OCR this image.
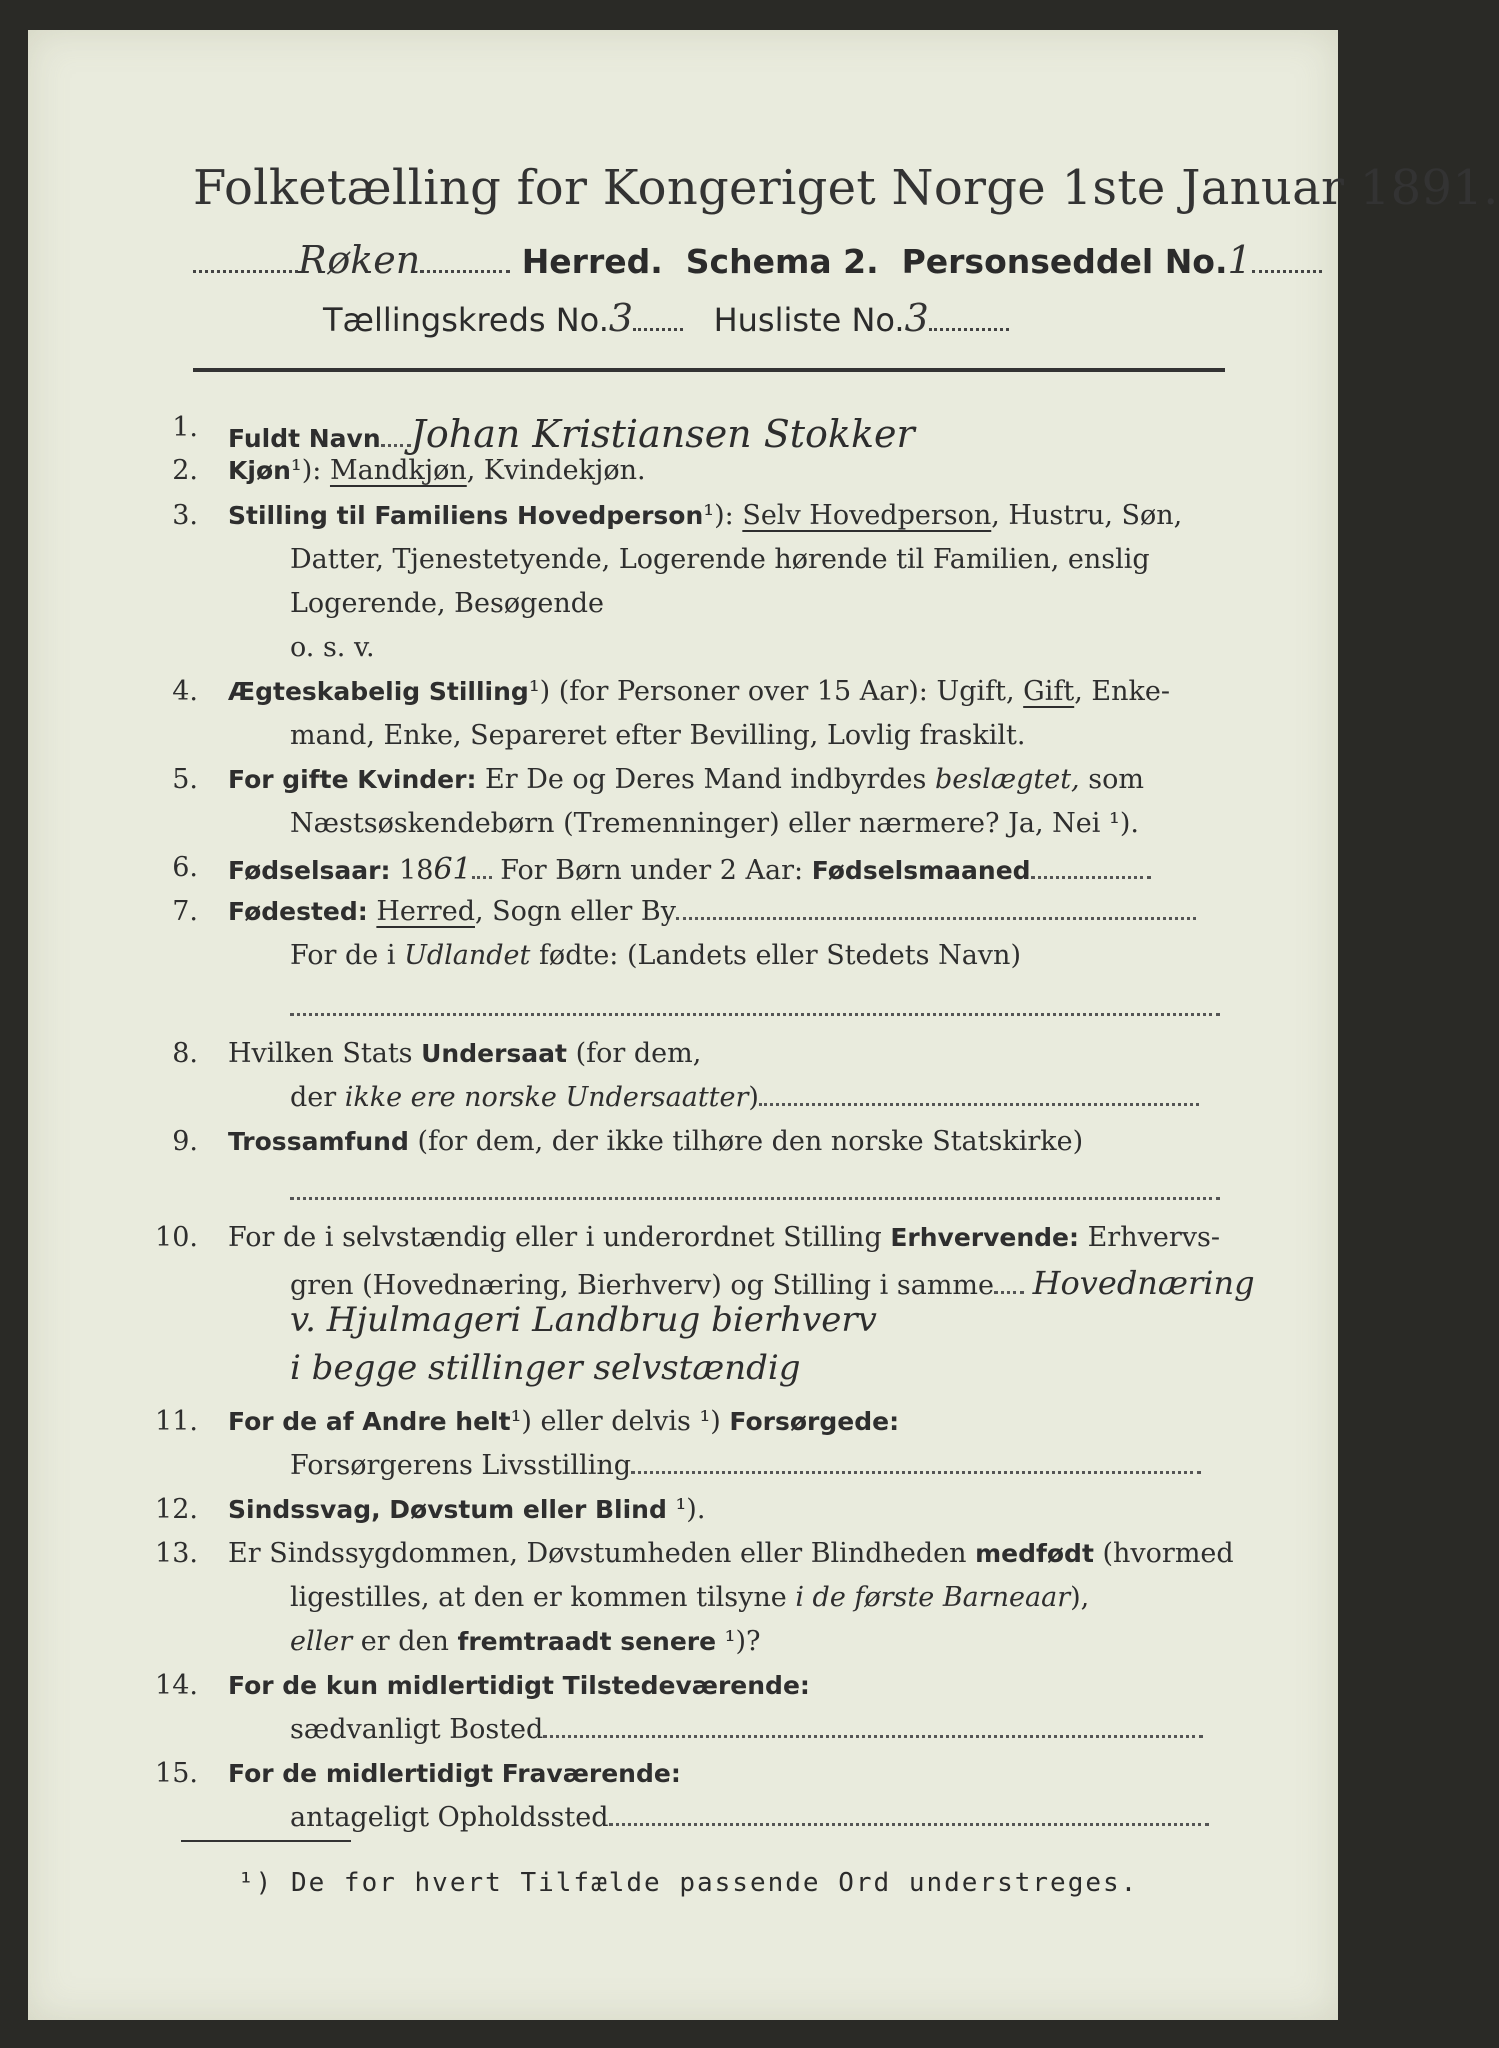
Folketælling for Kongeriget Norge 1ste Januar 1891.
Røken	Herred. Schema 2. Personseddel No.1
Tællingskreds No.3	Husliste No.3
1. Fuldt Navn Johan Kristiansen Stokker
2. Kjøn¹): Mandkjøn, Kvindekjøn.
3. Stilling til Familiens Hovedperson¹): Selv Hovedperson, Hustru, Søn,
Datter, Tjenestetyende, Logerende hørende til Familien, enslig
Logerende, Besøgende
o. s. v.
4. Ægteskabelig Stilling¹) (for Personer over 15 Aar): Ugift, Gift, Enke-
mand, Enke, Separeret efter Bevilling, Lovlig fraskilt.
5. For gifte Kvinder: Er De og Deres Mand indbyrdes beslægtet, som
Næstsøskendebørn (Tremenninger) eller nærmere? Ja, Nei ¹).
6. Fødselsaar: 1861 For Børn under 2 Aar: Fødselsmaaned
7. Fødested: Herred, Sogn eller By
For de i Udlandet fødte: (Landets eller Stedets Navn)
8. Hvilken Stats Undersaat (for dem,
der ikke ere norske Undersaatter)
9. Trossamfund (for dem, der ikke tilhøre den norske Statskirke)
10. For de i selvstændig eller i underordnet Stilling Erhvervende: Erhvervs-
gren (Hovednæring, Bierhverv) og Stilling i samme Hovednæring
v. Hjulmageri Landbrug bierhverv
i begge stillinger selvstændig
11. For de af Andre helt¹) eller delvis ¹) Forsørgede:
Forsørgerens Livsstilling
12. Sindssvag, Døvstum eller Blind ¹).
13. Er Sindssygdommen, Døvstumheden eller Blindheden medfødt (hvormed
ligestilles, at den er kommen tilsyne i de første Barneaar),
eller er den fremtraadt senere ¹)?
14. For de kun midlertidigt Tilstedeværende:
sædvanligt Bosted
15. For de midlertidigt Fraværende:
antageligt Opholdssted
¹) De for hvert Tilfælde passende Ord understreges.
